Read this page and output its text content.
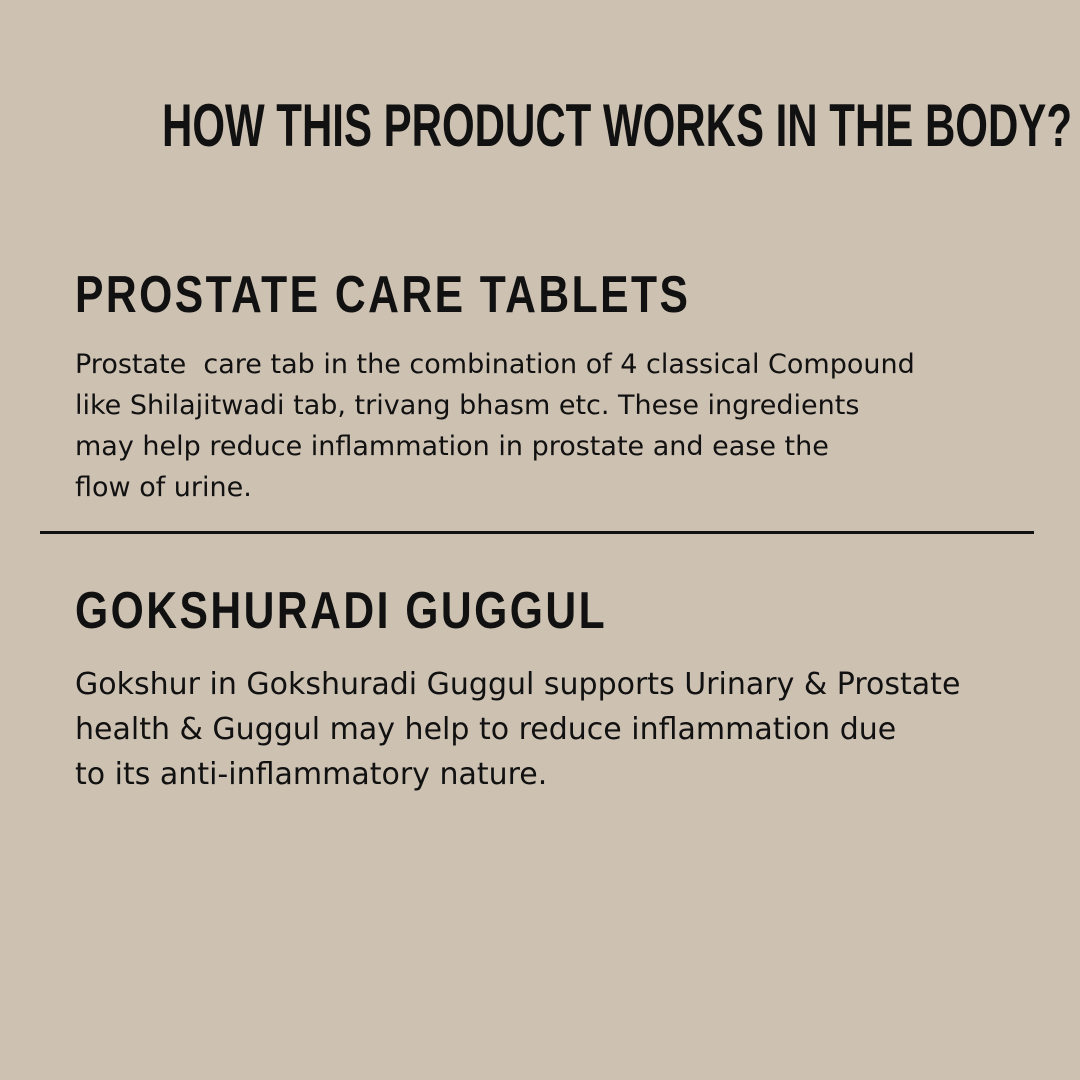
HOW THIS PRODUCT WORKS IN THE BODY?
PROSTATE CARE TABLETS
Prostate  care tab in the combination of 4 classical Compound
like Shilajitwadi tab, trivang bhasm etc. These ingredients
may help reduce inflammation in prostate and ease the
flow of urine.
GOKSHURADI GUGGUL
Gokshur in Gokshuradi Guggul supports Urinary & Prostate
health & Guggul may help to reduce inflammation due
to its anti-inflammatory nature.
